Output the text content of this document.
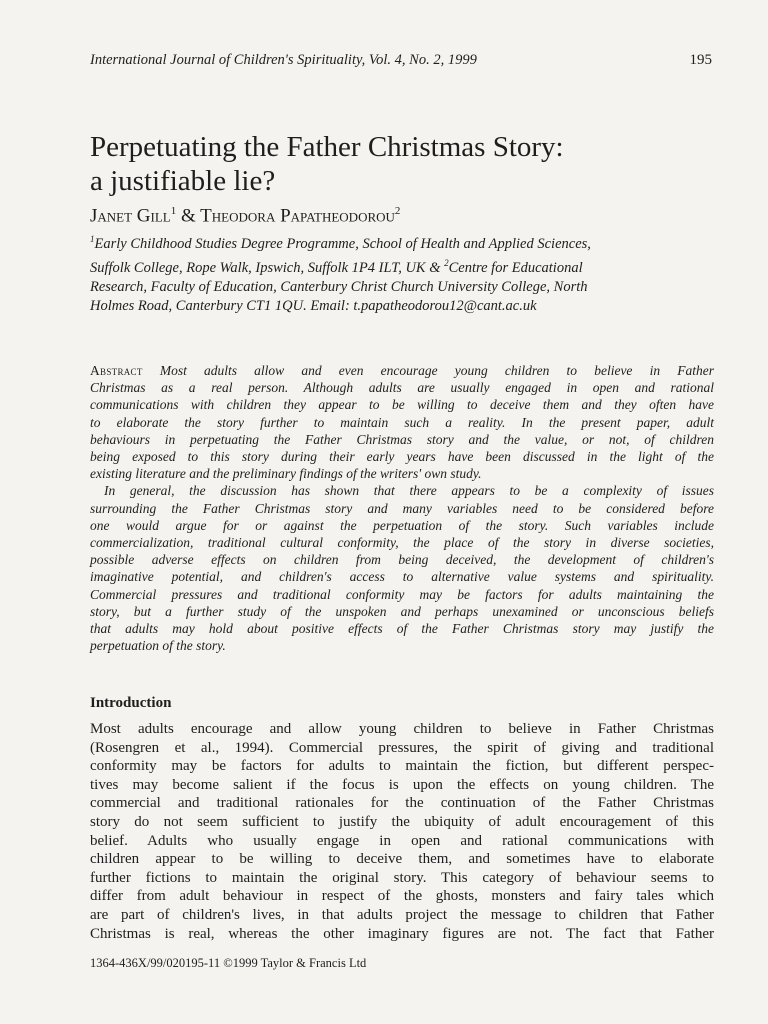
International Journal of Children's Spirituality, Vol. 4, No. 2, 1999	195
Perpetuating the Father Christmas Story:
a justifiable lie?
Janet Gill$^1$ & Theodora Papatheodorou$^2$
$^1$Early Childhood Studies Degree Programme, School of Health and Applied Sciences,
Suffolk College, Rope Walk, Ipswich, Suffolk 1P4 ILT, UK & $^2$Centre for Educational
Research, Faculty of Education, Canterbury Christ Church University College, North
Holmes Road, Canterbury CT1 1QU. Email: t.papatheodorou12@cant.ac.uk
Abstract Most adults allow and even encourage young children to believe in Father
Christmas as a real person. Although adults are usually engaged in open and rational
communications with children they appear to be willing to deceive them and they often have
to elaborate the story further to maintain such a reality. In the present paper, adult
behaviours in perpetuating the Father Christmas story and the value, or not, of children
being exposed to this story during their early years have been discussed in the light of the
existing literature and the preliminary findings of the writers' own study.
In general, the discussion has shown that there appears to be a complexity of issues
surrounding the Father Christmas story and many variables need to be considered before
one would argue for or against the perpetuation of the story. Such variables include
commercialization, traditional cultural conformity, the place of the story in diverse societies,
possible adverse effects on children from being deceived, the development of children's
imaginative potential, and children's access to alternative value systems and spirituality.
Commercial pressures and traditional conformity may be factors for adults maintaining the
story, but a further study of the unspoken and perhaps unexamined or unconscious beliefs
that adults may hold about positive effects of the Father Christmas story may justify the
perpetuation of the story.
Introduction
Most adults encourage and allow young children to believe in Father Christmas
(Rosengren et al., 1994). Commercial pressures, the spirit of giving and traditional
conformity may be factors for adults to maintain the fiction, but different perspec-
tives may become salient if the focus is upon the effects on young children. The
commercial and traditional rationales for the continuation of the Father Christmas
story do not seem sufficient to justify the ubiquity of adult encouragement of this
belief. Adults who usually engage in open and rational communications with
children appear to be willing to deceive them, and sometimes have to elaborate
further fictions to maintain the original story. This category of behaviour seems to
differ from adult behaviour in respect of the ghosts, monsters and fairy tales which
are part of children's lives, in that adults project the message to children that Father
Christmas is real, whereas the other imaginary figures are not. The fact that Father
1364-436X/99/020195-11 ©1999 Taylor & Francis Ltd
